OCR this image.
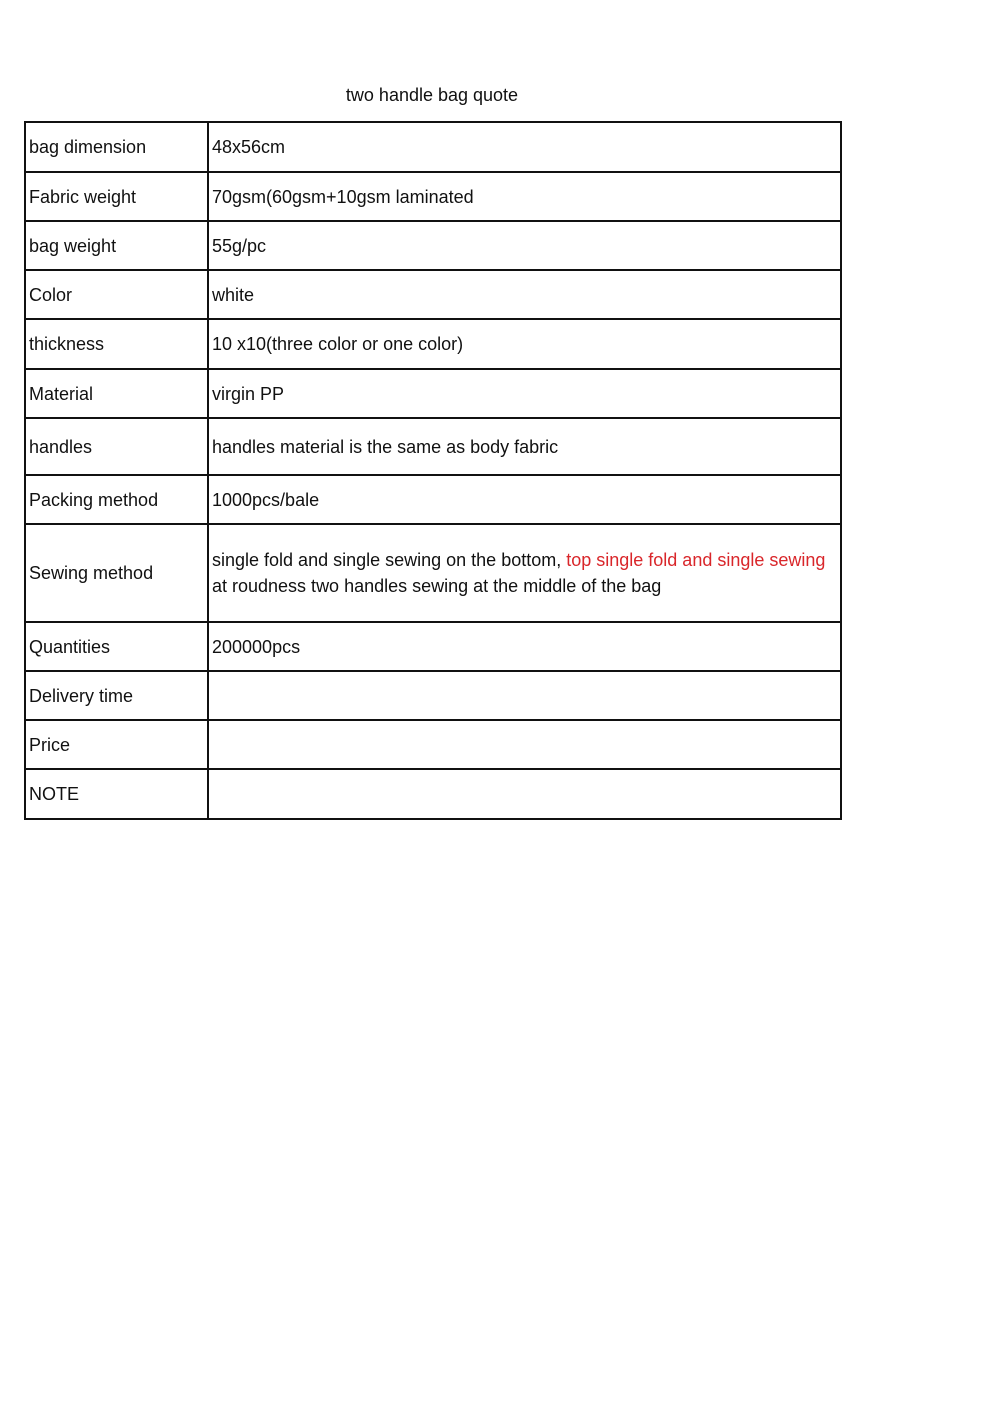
two handle bag quote
bag dimension	48x56cm
Fabric weight	70gsm(60gsm+10gsm laminated
bag weight	55g/pc
Color	white
thickness	10 x10(three color or one color)
Material	virgin PP
handles	handles material is the same as body fabric
Packing method	1000pcs/bale
Sewing method	single fold and single sewing on the bottom, top single fold and single sewing at roudness two handles sewing at the middle of the bag
Quantities	200000pcs
Delivery time	
Price	
NOTE	
